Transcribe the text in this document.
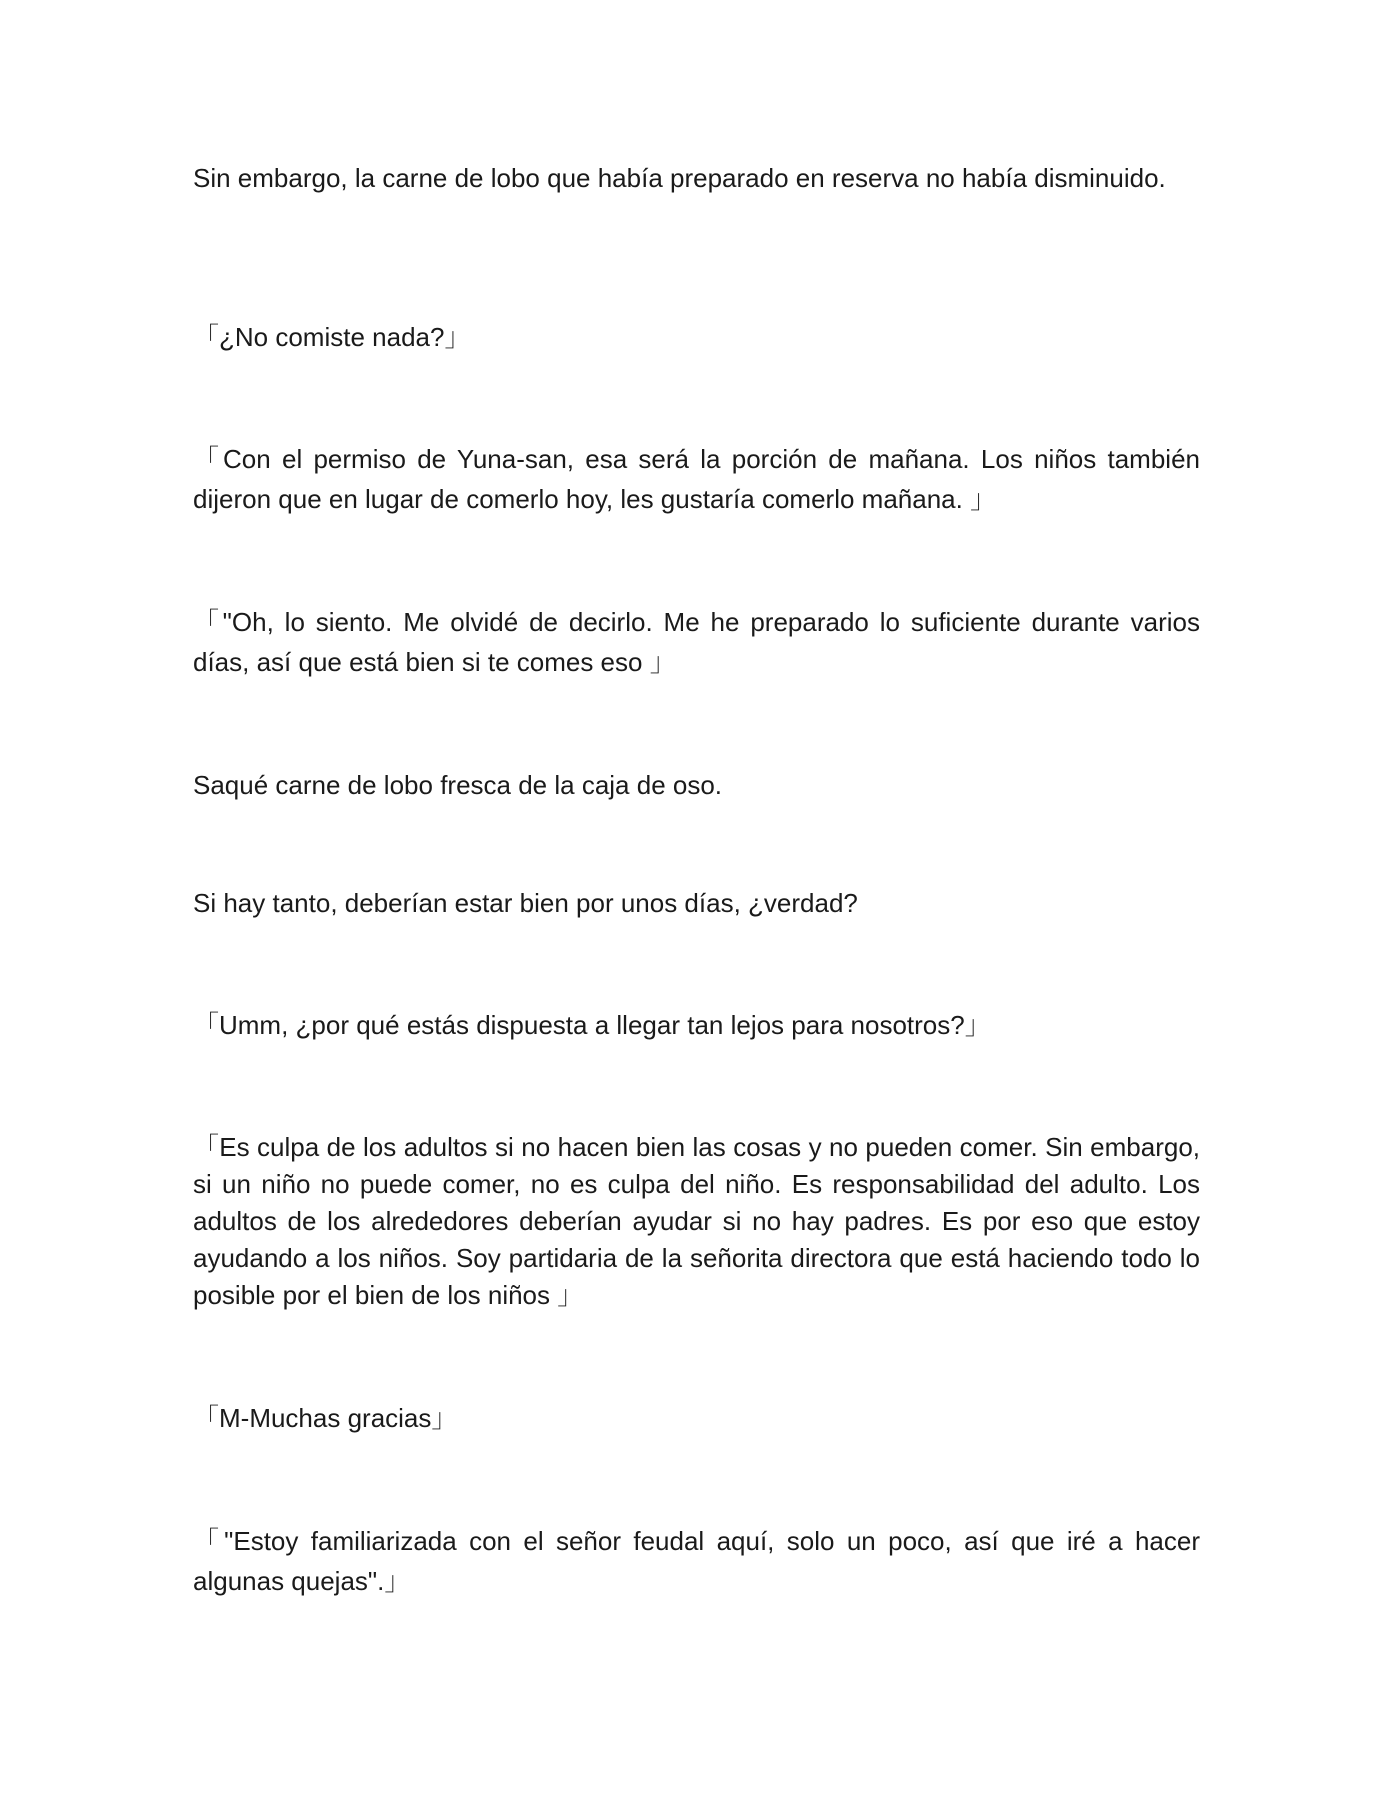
Sin embargo, la carne de lobo que había preparado en reserva no había disminuido.

「¿No comiste nada?」

「Con el permiso de Yuna-san, esa será la porción de mañana. Los niños también dijeron que en lugar de comerlo hoy, les gustaría comerlo mañana. 」

「"Oh, lo siento. Me olvidé de decirlo. Me he preparado lo suficiente durante varios días, así que está bien si te comes eso 」

Saqué carne de lobo fresca de la caja de oso.

Si hay tanto, deberían estar bien por unos días, ¿verdad?

「Umm, ¿por qué estás dispuesta a llegar tan lejos para nosotros?」

「Es culpa de los adultos si no hacen bien las cosas y no pueden comer. Sin embargo, si un niño no puede comer, no es culpa del niño. Es responsabilidad del adulto. Los adultos de los alrededores deberían ayudar si no hay padres. Es por eso que estoy ayudando a los niños. Soy partidaria de la señorita directora que está haciendo todo lo posible por el bien de los niños 」

「M-Muchas gracias」

「"Estoy familiarizada con el señor feudal aquí, solo un poco, así que iré a hacer algunas quejas".」
